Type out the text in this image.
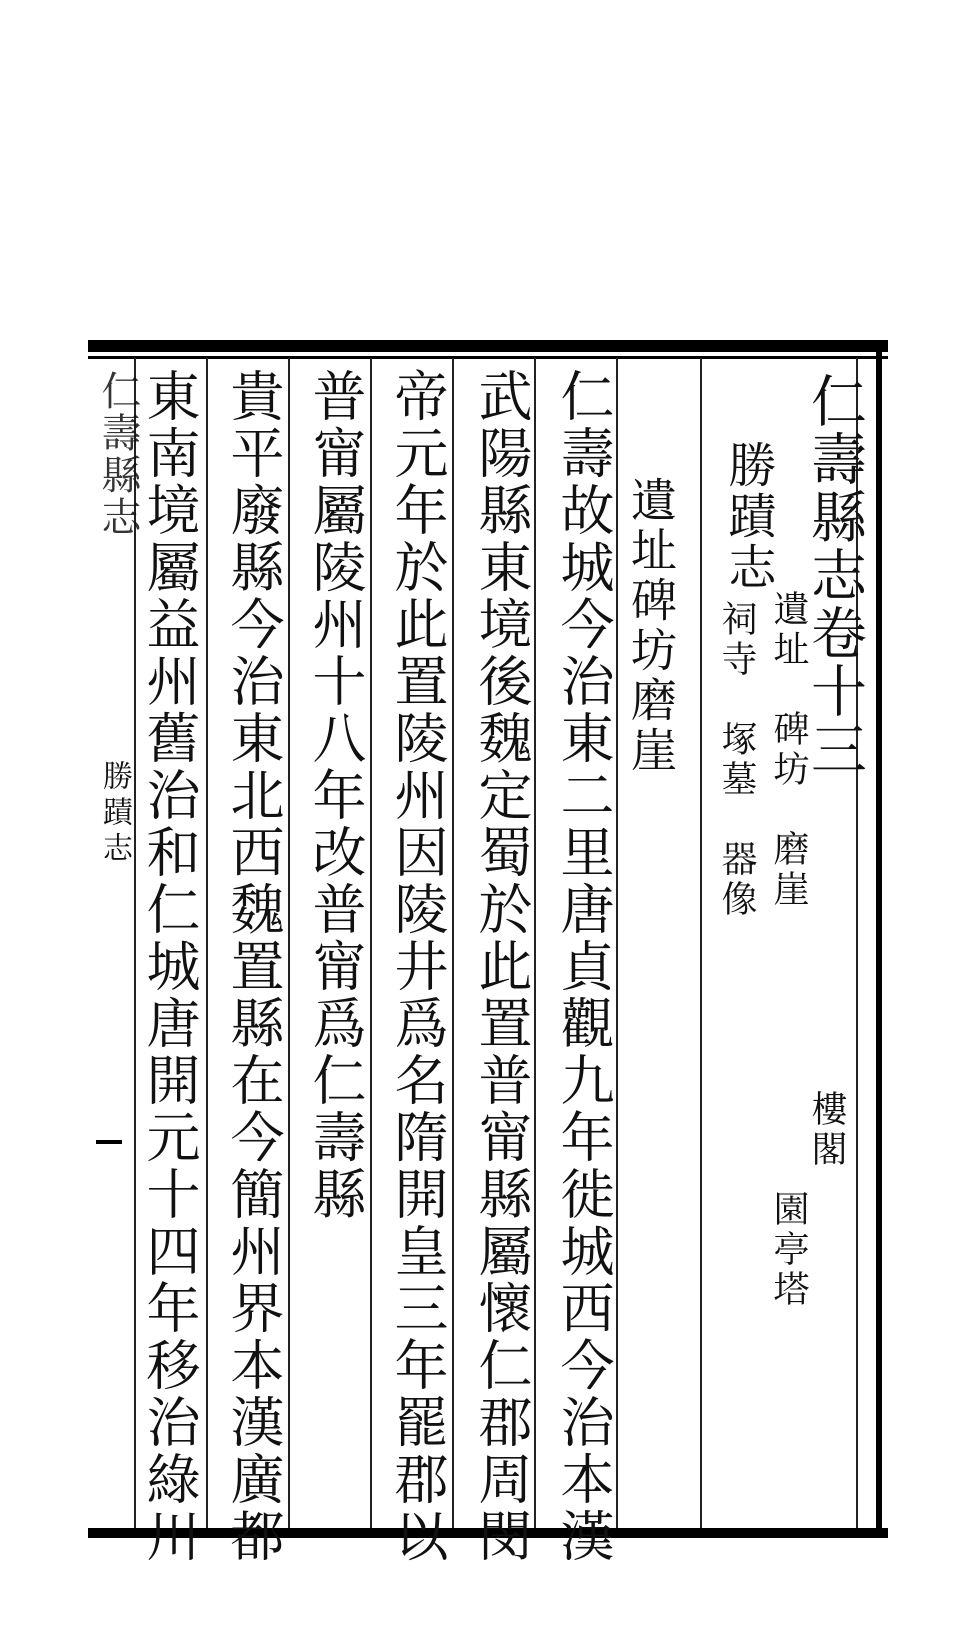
仁壽縣志卷十三
勝蹟志
遺址　碑坊　磨崖
祠寺　塚墓　器像
樓閣
園亭塔
遺址碑坊磨崖
仁壽故城今治東二里唐貞觀九年徙城西今治本漢
武陽縣東境後魏定蜀於此置普甯縣屬懷仁郡周閔
帝元年於此置陵州因陵井爲名隋開皇三年罷郡以
普甯屬陵州十八年改普甯爲仁壽縣
貴平廢縣今治東北西魏置縣在今簡州界本漢廣都
東南境屬益州舊治和仁城唐開元十四年移治綠川
仁壽縣志
勝蹟志
